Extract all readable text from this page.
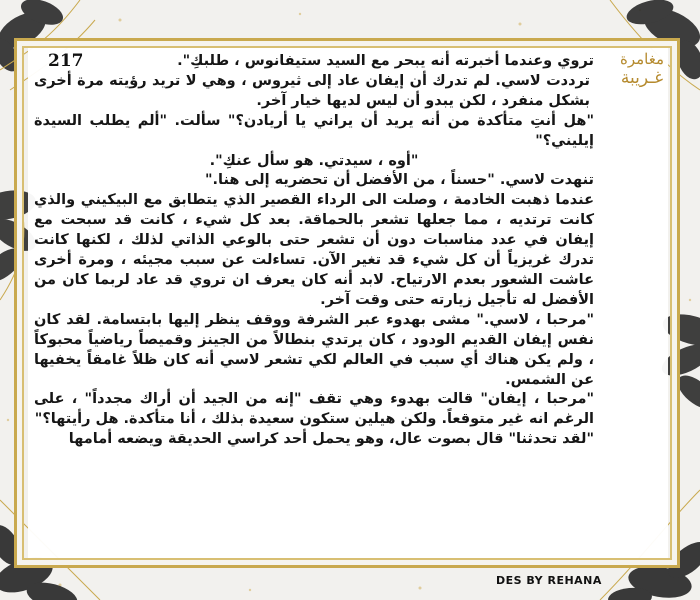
217	مغامرة
غـريبة

تروي وعندما أخبرته أنه يبحر مع السيد ستيفانوس ، طلبكِ".

ترددت لاسي. لم تدرك أن إيفان عاد إلى ثيروس ، وهي لا تريد رؤيته مرة أخرى بشكل منفرد ، لكن يبدو أن ليس لديها خيار آخر.

"هل أنتِ متأكدة من أنه يريد أن يراني يا أريادن؟" سألت. "ألم يطلب السيدة إيليني؟"

"أوه ، سيدتي. هو سأل عنكِ".

تنهدت لاسي. "حسناً ، من الأفضل أن تحضريه إلى هنا."

عندما ذهبت الخادمة ، وصلت الى الرداء القصير الذي يتطابق مع البيكيني والذي كانت ترتديه ، مما جعلها تشعر بالحماقة. بعد كل شيء ، كانت قد سبحت مع إيفان في عدد مناسبات دون أن تشعر حتى بالوعي الذاتي لذلك ، لكنها كانت تدرك غريزياً أن كل شيء قد تغير الآن. تساءلت عن سبب مجيئه ، ومرة أخرى عاشت الشعور بعدم الارتياح. لابد أنه كان يعرف ان تروي قد عاد لربما كان من الأفضل له تأجيل زيارته حتى وقت آخر.

"مرحبا ، لاسي." مشى بهدوء عبر الشرفة ووقف ينظر إليها بابتسامة. لقد كان نفس إيفان القديم الودود ، كان يرتدي بنطالاً من الجينز وقميصاً رياضياً محبوكاً ، ولم يكن هناك أي سبب في العالم لكي تشعر لاسي أنه كان ظلاً غامقاً يخفيها عن الشمس.

"مرحبا ، إيفان" قالت بهدوء وهي تقف "إنه من الجيد أن أراك مجدداً" ، على الرغم انه غير متوقعاً. ولكن هيلين ستكون سعيدة بذلك ، أنا متأكدة. هل رأيتها؟"

"لقد تحدثنا" قال بصوت عال، وهو يحمل أحد كراسي الحديقة ويضعه أمامها

DES BY REHANA
